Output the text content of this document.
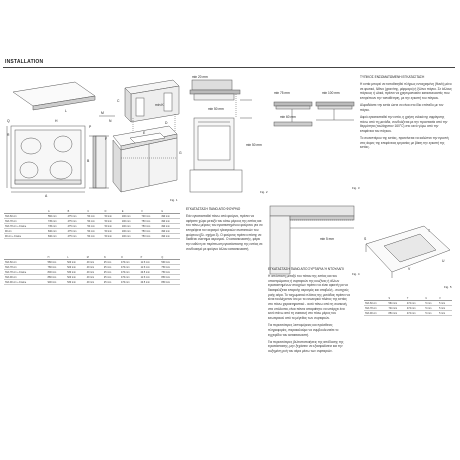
INSTALLATION
min K
M
N
L
A
B
C
D
E
F
G
H
P
R
Q
Fig. 1
	A	B	C	D	E	F	G
Hob 60 cm	560 mm	475 mm	50 mm	50 mm	100 mm	700 mm	490 mm
Hob 78 cm	745 mm	475 mm	50 mm	50 mm	100 mm	750 mm	490 mm
Hob 78 cm + Frame	745 mm	475 mm	50 mm	50 mm	100 mm	750 mm	490 mm
90 cm	840 mm	475 mm	50 mm	50 mm	100 mm	750 mm	490 mm
90 cm + Frame	840 mm	475 mm	50 mm	50 mm	100 mm	750 mm	490 mm
	H	L	M	N	O	P	Q
Hob 60 cm	580 mm	520 mm	49 mm	25 mm	470 mm	11.5 mm	560 mm
Hob 78 cm	780 mm	520 mm	49 mm	25 mm	470 mm	11.5 mm	750 mm
Hob 78 cm + Frame	800 mm	530 mm	49 mm	25 mm	470 mm	20.5 mm	750 mm
Hob 90 cm	880 mm	520 mm	49 mm	25 mm	470 mm	11.5 mm	850 mm
Hob 90 cm + Frame	900 mm	530 mm	49 mm	25 mm	470 mm	20.5 mm	850 mm
min 20 mm
min 50 mm
min 50 mm
Fig. 2
min 75 mm	min 100 mm
min 60 mm
Fig. 3
min 5 mm
Fig. 4
S
T
V
U
Fig. 5
	S	T	U	V
Hob 60 cm	564 mm	474 mm	5 mm	5 mm
Hob 78 cm	744 mm	474 mm	5 mm	5 mm
Hob 90 cm	854 mm	474 mm	5 mm	5 mm
ΕΓΚΑΤΑΣΤΑΣΗ ΠΑΝΩ ΑΠΟ ΦΟΥΡΝΟ

Εάν εγκατασταθεί πάνω από φούρνο, πρέπει να αφήσετε χώρο μεταξύ του κάτω μέρους της εστίας και του πάνω μέρους του εγκατεστημένου φούρνου για να επιτρέψετε τον αερισμό ηλεκτρικών συστατικών του φούρνου (βλ. σχήμα 3). Ο φούρνος πρέπει επίσης να διαθέτει σύστημα αερισμού. Ο κατασκευαστής, φέρει την ευθύνη σε περίπτωση εγκατάστασης της εστίας σε συνδυασμό με φούρνο άλλου κατασκευαστή.

ΕΓΚΑΤΑΣΤΑΣΗ ΠΑΝΩ ΑΠΟ ΣΥΡΤΑΡΙΑ Ή ΝΤΟΥΛΑΠΙ

Η απόσταση μεταξύ του πάτου της εστίας και του υποστρώματος ή συρταριών της κουζίνας ή άλλων εγκαταστημένων στοιχείων πρέπει να είναι αρκετή για να διασφαλίζεται επαρκής αερισμός και αποβολή - συνεχούς ροής αέρα. Το τοιχωματικό πλάτος της μονάδας πρέπει να είναι τουλάχιστον ίσο με το εσωτερικό πλάτος της εστίας στο πάνω χαρακτηριστικό - αυτό πάνω από τη συσκευή, στα υπόλοιπα, είναι πάντα απαραίτητο να υπάρχει ένα κενό πάνω από τη συσκευή στο πίσω μέρος του εσωτερικού από το μέγεθος των συρταριών.

Για περισσότερες λεπτομέρειες και πρόσθετες πληροφορίες, παρακαλούμε να συμβουλευτείτε το εγχειρίδιο του κατασκευαστή.

Για περισσότερες βελτιστοποιήσεις της απόδοσης της εγκατάστασης, μην ξεχάσετε να εξασφαλίσετε και την αυξημένη ροή του αέρα μέσω των συρταριών.

ΤΥΠΙΚΟΣ ΕΝΣΩΜΑΤΩΜΕΝΗ ΕΓΚΑΤΑΣΤΑΣΗ

Η εστία μπορεί να τοποθετηθεί πλήρως εντοιχισμένη (flush) μόνο σε φυσικό, λίθινο (γρανίτης, μάρμαρο) ή ξύλινο πάγκο. Σε άλλους πάγκους ή υλικά, πρέπει να χρησιμοποιείτε κατασκευαστές που επιτρέπουν την τοποθέτηση, με την εγκοπή του πάγκου.

Αλφαδιάστε την εστία ώστε να είναι στο ίδιο επίπεδο με τον πάγκο.

Αφού εγκατασταθεί την εστία, η χρήση σιλικόνης σφράγισης πάνω από τη μονάδα, συνδυάζεται με την προστασία από την θερμότητα (τουλάχιστον 160°C) στο κενό γύρω από την επιφάνεια του πάγκου.

Το συναπτέρου της εστίας, προτείνεται να καλύπτει την εγκοπή στις άκρες της επιφάνειας εργασίας με βάση την εγκοπή της εστίας.
